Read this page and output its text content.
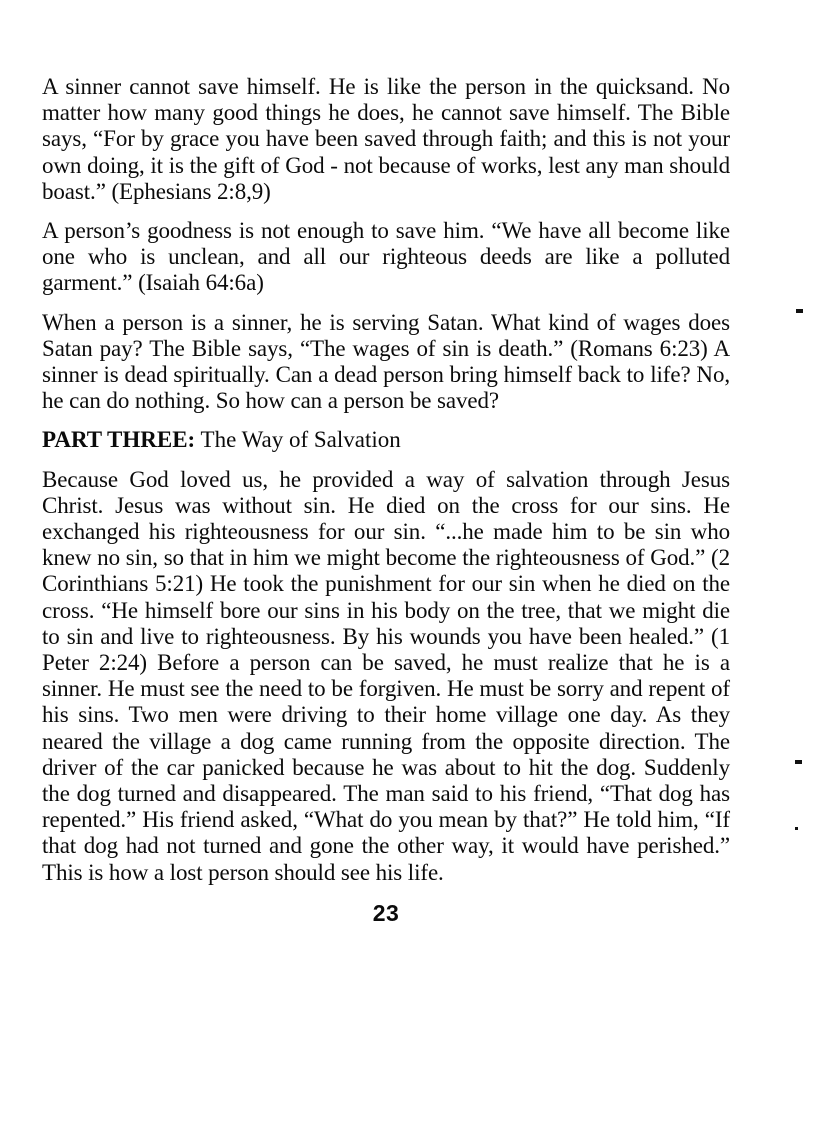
A sinner cannot save himself. He is like the person in the quicksand. No matter how many good things he does, he cannot save himself. The Bible says, “For by grace you have been saved through faith; and this is not your own doing, it is the gift of God - not because of works, lest any man should boast.” (Ephesians 2:8,9)

A person’s goodness is not enough to save him. “We have all become like one who is unclean, and all our righteous deeds are like a polluted garment.” (Isaiah 64:6a)

When a person is a sinner, he is serving Satan. What kind of wages does Satan pay? The Bible says, “The wages of sin is death.” (Romans 6:23) A sinner is dead spiritually. Can a dead person bring himself back to life? No, he can do nothing. So how can a person be saved?

PART THREE: The Way of Salvation

Because God loved us, he provided a way of salvation through Jesus Christ. Jesus was without sin. He died on the cross for our sins. He exchanged his righteousness for our sin. “...he made him to be sin who knew no sin, so that in him we might become the righteousness of God.” (2 Corinthians 5:21) He took the punishment for our sin when he died on the cross. “He himself bore our sins in his body on the tree, that we might die to sin and live to righteousness. By his wounds you have been healed.” (1 Peter 2:24) Before a person can be saved, he must realize that he is a sinner. He must see the need to be forgiven. He must be sorry and repent of his sins. Two men were driving to their home village one day. As they neared the village a dog came running from the opposite direction. The driver of the car panicked because he was about to hit the dog. Suddenly the dog turned and disappeared. The man said to his friend, “That dog has repented.” His friend asked, “What do you mean by that?” He told him, “If that dog had not turned and gone the other way, it would have perished.” This is how a lost person should see his life.

23
